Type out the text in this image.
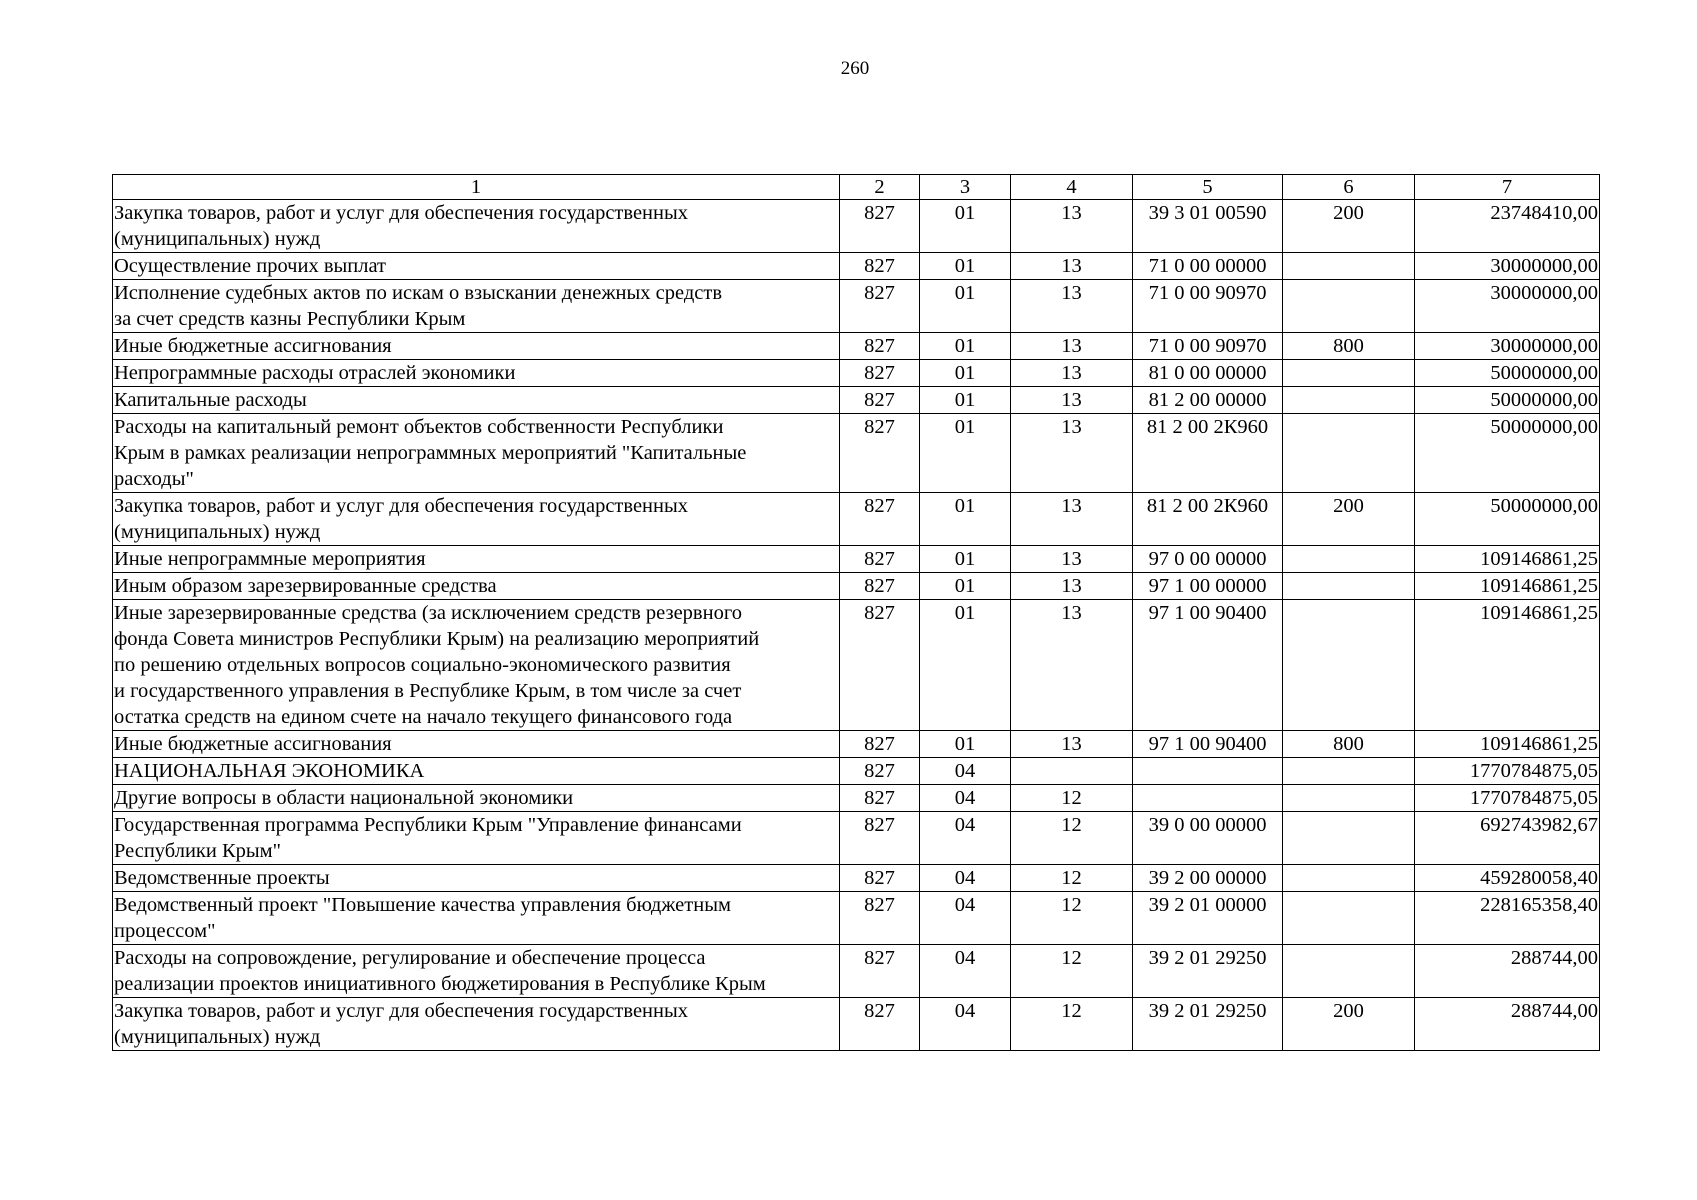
260
1	2	3	4	5	6	7

Закупка товаров, работ и услуг для обеспечения государственных
(муниципальных) нужд	827	01	13	39 3 01 00590	200	23748410,00

Осуществление прочих выплат	827	01	13	71 0 00 00000		30000000,00

Исполнение судебных актов по искам о взыскании денежных средств
за счет средств казны Республики Крым	827	01	13	71 0 00 90970		30000000,00

Иные бюджетные ассигнования	827	01	13	71 0 00 90970	800	30000000,00

Непрограммные расходы отраслей экономики	827	01	13	81 0 00 00000		50000000,00

Капитальные расходы	827	01	13	81 2 00 00000		50000000,00

Расходы на капитальный ремонт объектов собственности Республики
Крым в рамках реализации непрограммных мероприятий "Капитальные
расходы"	827	01	13	81 2 00 2К960		50000000,00

Закупка товаров, работ и услуг для обеспечения государственных
(муниципальных) нужд	827	01	13	81 2 00 2К960	200	50000000,00

Иные непрограммные мероприятия	827	01	13	97 0 00 00000		109146861,25

Иным образом зарезервированные средства	827	01	13	97 1 00 00000		109146861,25

Иные зарезервированные средства (за исключением средств резервного
фонда Совета министров Республики Крым) на реализацию мероприятий
по решению отдельных вопросов социально-экономического развития
и государственного управления в Республике Крым, в том числе за счет
остатка средств на едином счете на начало текущего финансового года	827	01	13	97 1 00 90400		109146861,25

Иные бюджетные ассигнования	827	01	13	97 1 00 90400	800	109146861,25

НАЦИОНАЛЬНАЯ ЭКОНОМИКА	827	04				1770784875,05

Другие вопросы в области национальной экономики	827	04	12			1770784875,05

Государственная программа Республики Крым "Управление финансами
Республики Крым"	827	04	12	39 0 00 00000		692743982,67

Ведомственные проекты	827	04	12	39 2 00 00000		459280058,40

Ведомственный проект "Повышение качества управления бюджетным
процессом"	827	04	12	39 2 01 00000		228165358,40

Расходы на сопровождение, регулирование и обеспечение процесса
реализации проектов инициативного бюджетирования в Республике Крым	827	04	12	39 2 01 29250		288744,00

Закупка товаров, работ и услуг для обеспечения государственных
(муниципальных) нужд	827	04	12	39 2 01 29250	200	288744,00
